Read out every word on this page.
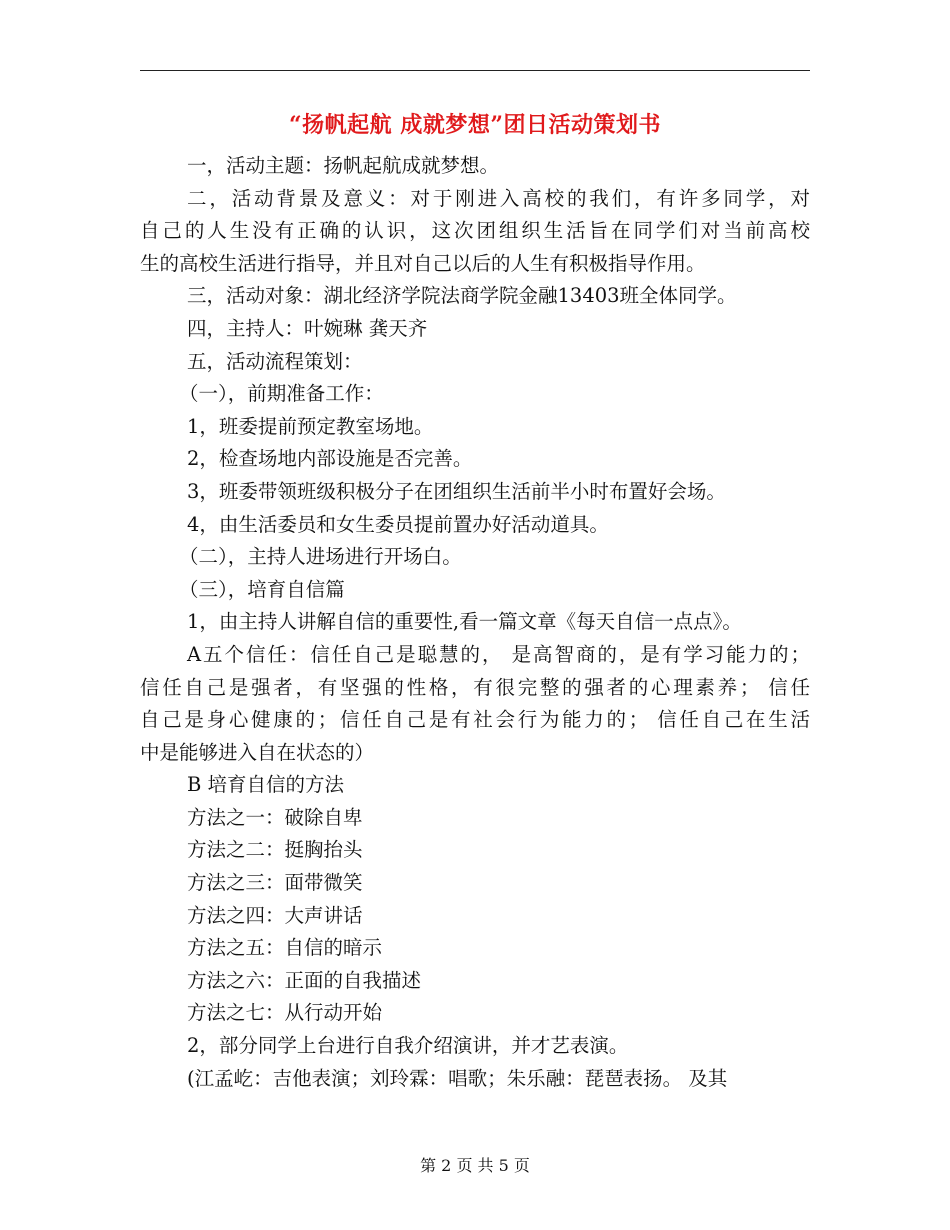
“扬帆起航 成就梦想”团日活动策划书
一，活动主题：扬帆起航成就梦想。
二，活动背景及意义：对于刚进入高校的我们，有许多同学，对
自己的人生没有正确的认识，这次团组织生活旨在同学们对当前高校
生的高校生活进行指导，并且对自己以后的人生有积极指导作用。
三，活动对象：湖北经济学院法商学院金融13403班全体同学。
四，主持人：叶婉琳 龚天齐
五，活动流程策划：
（一），前期准备工作：
1，班委提前预定教室场地。
2，检查场地内部设施是否完善。
3，班委带领班级积极分子在团组织生活前半小时布置好会场。
4，由生活委员和女生委员提前置办好活动道具。
（二），主持人进场进行开场白。
（三），培育自信篇
1，由主持人讲解自信的重要性,看一篇文章《每天自信一点点》。
A五个信任：信任自己是聪慧的， 是高智商的，是有学习能力的；
信任自己是强者，有坚强的性格，有很完整的强者的心理素养； 信任
自己是身心健康的；信任自己是有社会行为能力的； 信任自己在生活
中是能够进入自在状态的）
B 培育自信的方法
方法之一：破除自卑
方法之二：挺胸抬头
方法之三：面带微笑
方法之四：大声讲话
方法之五：自信的暗示
方法之六：正面的自我描述
方法之七：从行动开始
2，部分同学上台进行自我介绍演讲，并才艺表演。
(江孟屹：吉他表演；刘玲霖：唱歌；朱乐融：琵琶表扬。 及其
第 2 页 共 5 页
